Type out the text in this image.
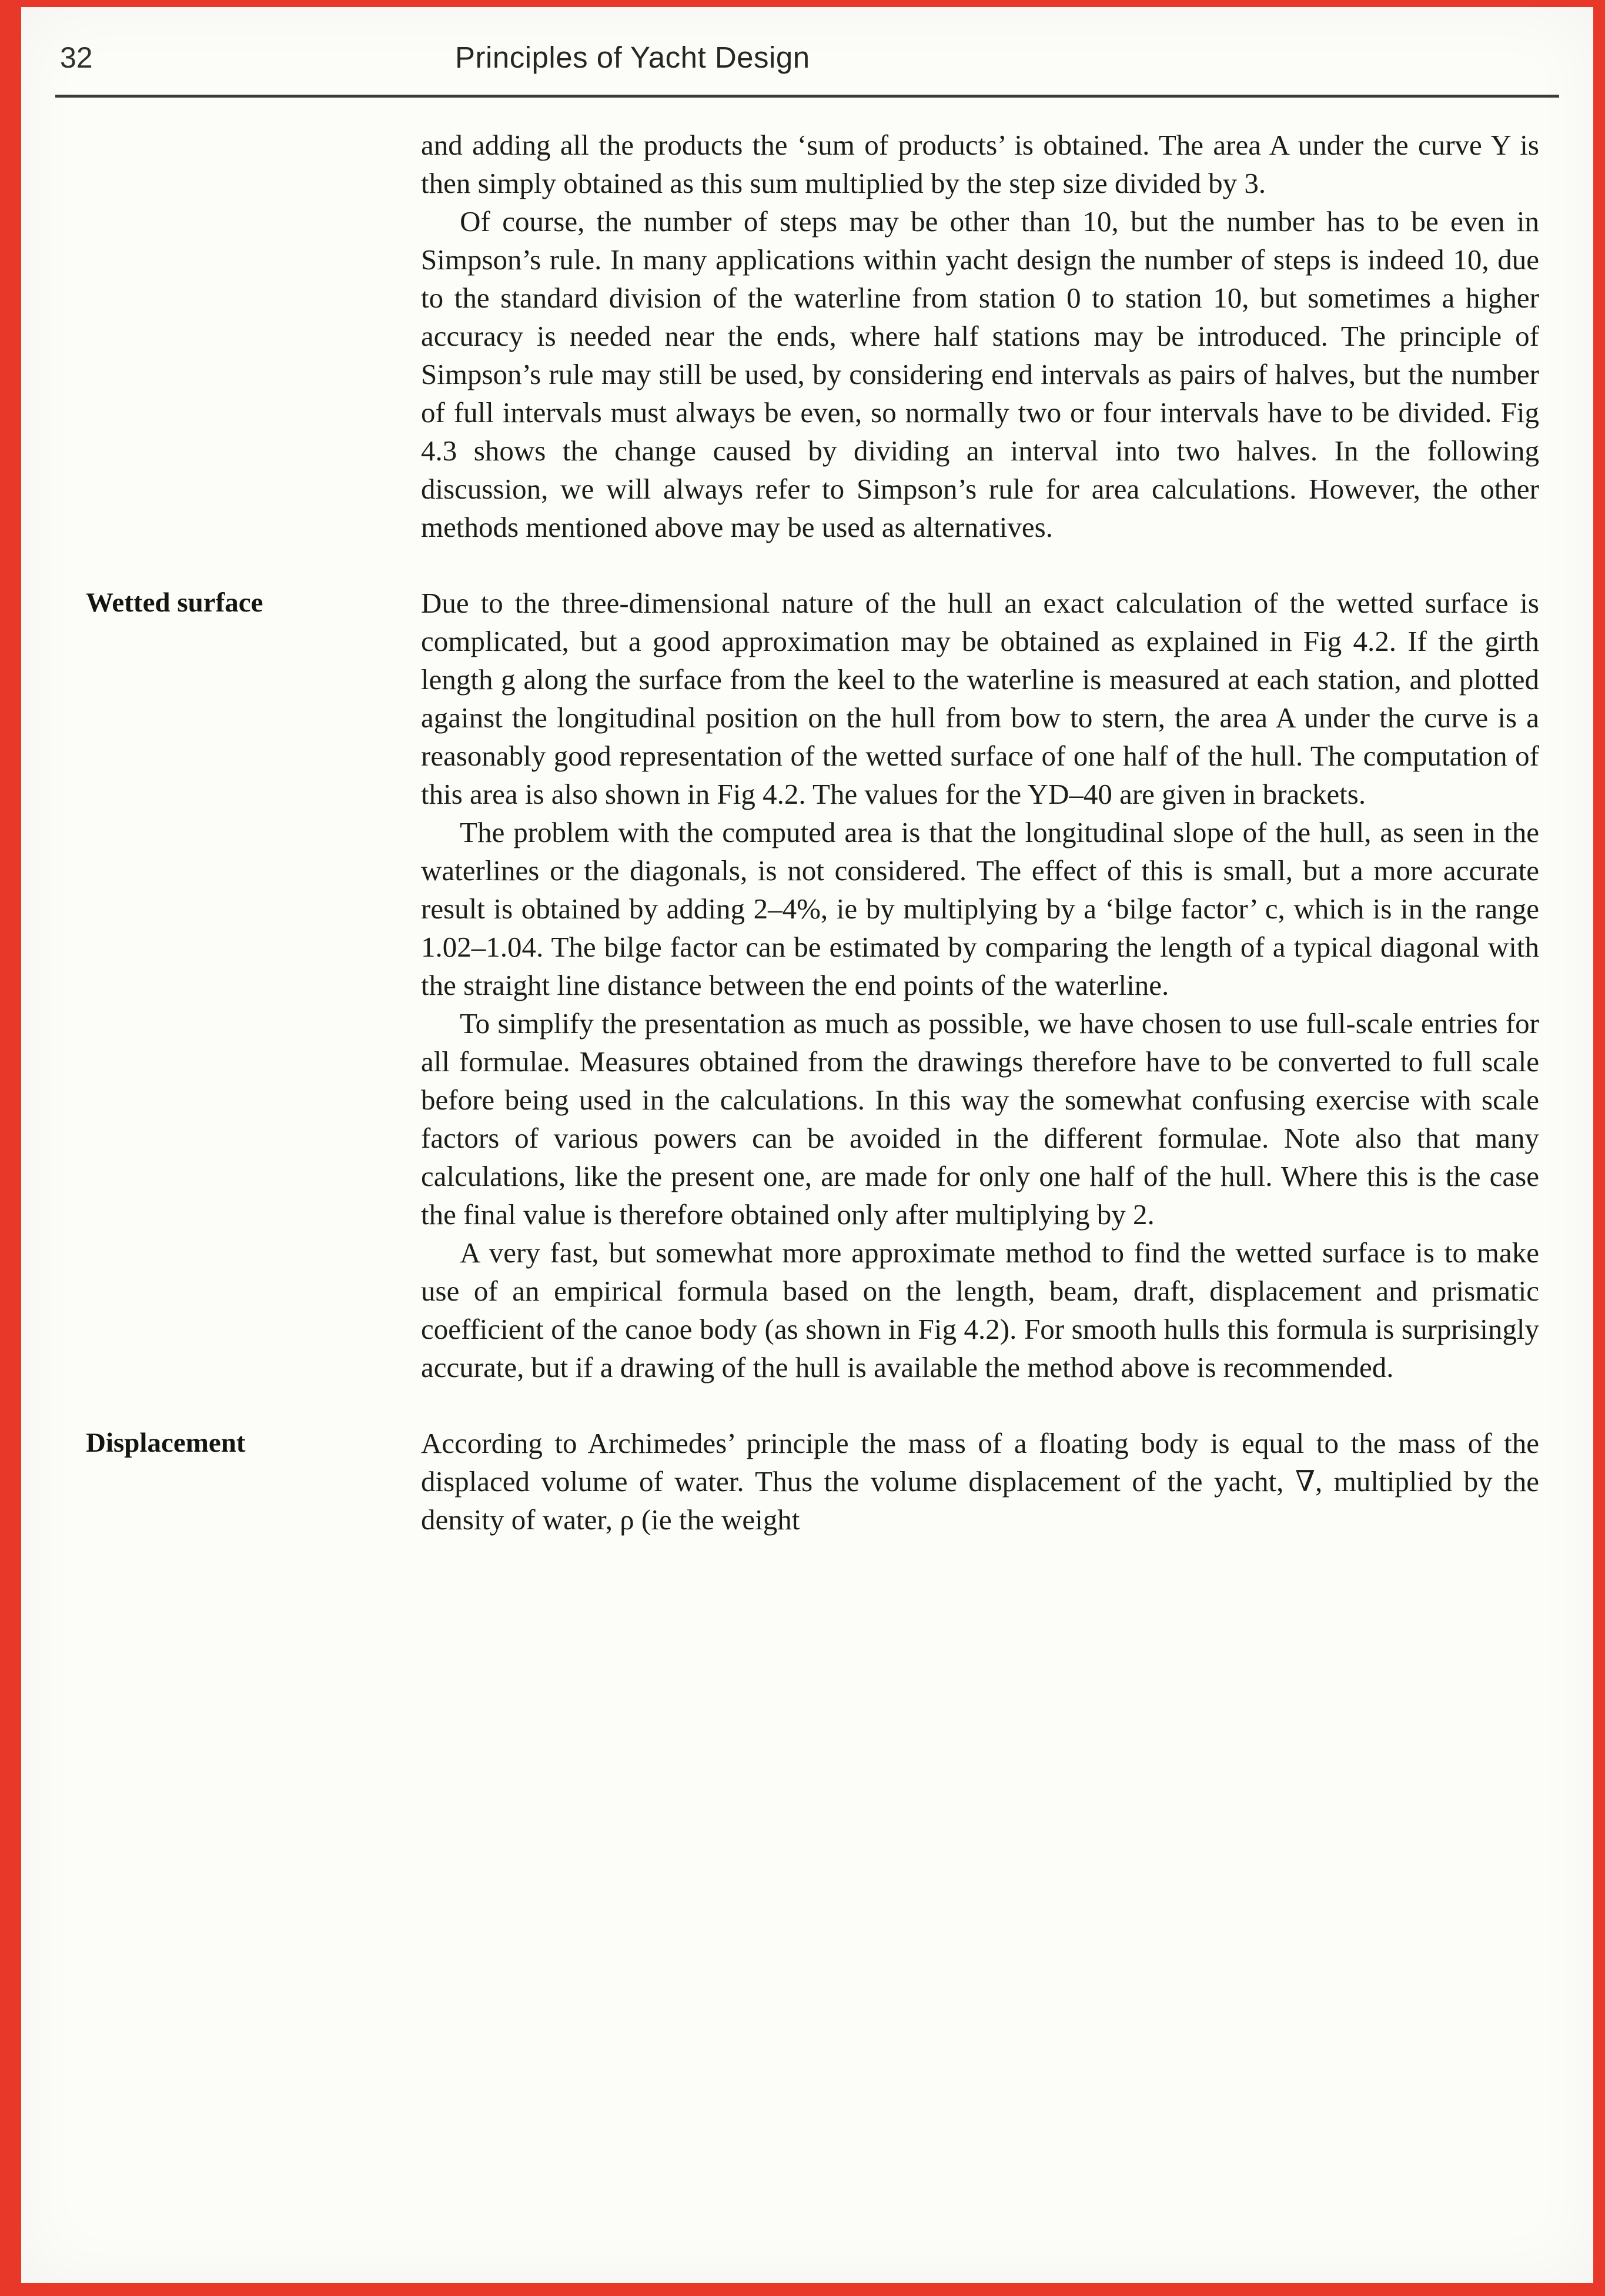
32	Principles of Yacht Design

and adding all the products the ‘sum of products’ is obtained. The area A under the curve Y is then simply obtained as this sum multiplied by the step size divided by 3.

Of course, the number of steps may be other than 10, but the number has to be even in Simpson’s rule. In many applications within yacht design the number of steps is indeed 10, due to the standard division of the waterline from station 0 to station 10, but sometimes a higher accuracy is needed near the ends, where half stations may be introduced. The principle of Simpson’s rule may still be used, by considering end intervals as pairs of halves, but the number of full intervals must always be even, so normally two or four intervals have to be divided. Fig 4.3 shows the change caused by dividing an interval into two halves. In the following discussion, we will always refer to Simpson’s rule for area calculations. However, the other methods mentioned above may be used as alternatives.

Wetted surface	Due to the three-dimensional nature of the hull an exact calculation of the wetted surface is complicated, but a good approximation may be obtained as explained in Fig 4.2. If the girth length g along the surface from the keel to the waterline is measured at each station, and plotted against the longitudinal position on the hull from bow to stern, the area A under the curve is a reasonably good representation of the wetted surface of one half of the hull. The computation of this area is also shown in Fig 4.2. The values for the YD–40 are given in brackets.

The problem with the computed area is that the longitudinal slope of the hull, as seen in the waterlines or the diagonals, is not considered. The effect of this is small, but a more accurate result is obtained by adding 2–4%, ie by multiplying by a ‘bilge factor’ c, which is in the range 1.02–1.04. The bilge factor can be estimated by comparing the length of a typical diagonal with the straight line distance between the end points of the waterline.

To simplify the presentation as much as possible, we have chosen to use full-scale entries for all formulae. Measures obtained from the drawings therefore have to be converted to full scale before being used in the calculations. In this way the somewhat confusing exercise with scale factors of various powers can be avoided in the different formulae. Note also that many calculations, like the present one, are made for only one half of the hull. Where this is the case the final value is therefore obtained only after multiplying by 2.

A very fast, but somewhat more approximate method to find the wetted surface is to make use of an empirical formula based on the length, beam, draft, displacement and prismatic coefficient of the canoe body (as shown in Fig 4.2). For smooth hulls this formula is surprisingly accurate, but if a drawing of the hull is available the method above is recommended.

Displacement	According to Archimedes’ principle the mass of a floating body is equal to the mass of the displaced volume of water. Thus the volume displacement of the yacht, ∇, multiplied by the density of water, ρ (ie the weight
